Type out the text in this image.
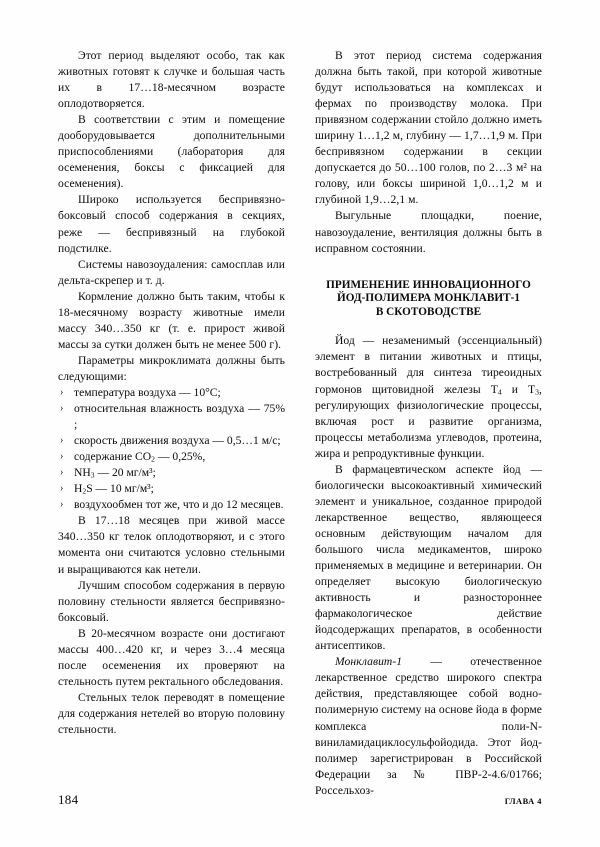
Этот период выделяют особо, так как животных готовят к случке и большая часть их в 17…18-месячном возрасте оплодотворяется.

В соответствии с этим и помещение дооборудовывается дополнительными приспособлениями (лаборатория для осеменения, боксы с фиксацией для осеменения).

Широко используется беспривязно-боксовый способ содержания в секциях, реже — беспривязный на глубокой подстилке.

Системы навозоудаления: самосплав или дельта-скрепер и т. д.

Кормление должно быть таким, чтобы к 18-месячному возрасту животные имели массу 340…350 кг (т. е. прирост живой массы за сутки должен быть не менее 500 г).

Параметры микроклимата должны быть следующими:

› температура воздуха — 10°C;
› относительная влажность воздуха — 75% ;
› скорость движения воздуха — 0,5…1 м/с;
› содержание $CO_2$ — 0,25%,
› $NH_3$ — 20 мг/м³;
› $H_2S$ — 10 мг/м³;
› воздухообмен тот же, что и до 12 месяцев.

В 17…18 месяцев при живой массе 340…350 кг телок оплодотворяют, и с этого момента они считаются условно стельными и выращиваются как нетели.

Лучшим способом содержания в первую половину стельности является беспривязно-боксовый.

В 20-месячном возрасте они достигают массы 400…420 кг, и через 3…4 месяца после осеменения их проверяют на стельность путем ректального обследования.

Стельных телок переводят в помещение для содержания нетелей во вторую половину стельности.

В этот период система содержания должна быть такой, при которой животные будут использоваться на комплексах и фермах по производству молока. При привязном содержании стойло должно иметь ширину 1…1,2 м, глубину — 1,7…1,9 м. При беспривязном содержании в секции допускается до 50…100 голов, по 2…3 м² на голову, или боксы шириной 1,0…1,2 м и глубиной 1,9…2,1 м.

Выгульные площадки, поение, навозоудаление, вентиляция должны быть в исправном состоянии.

ПРИМЕНЕНИЕ ИННОВАЦИОННОГО
ЙОД-ПОЛИМЕРА МОНКЛАВИТ-1
В СКОТОВОДСТВЕ

Йод — незаменимый (эссенциальный) элемент в питании животных и птицы, востребованный для синтеза тиреоидных гормонов щитовидной железы $T_4$ и $T_3$, регулирующих физиологические процессы, включая рост и развитие организма, процессы метаболизма углеводов, протеина, жира и репродуктивные функции.

В фармацевтическом аспекте йод — биологически высокоактивный химический элемент и уникальное, созданное природой лекарственное вещество, являющееся основным действующим началом для большого числа медикаментов, широко применяемых в медицине и ветеринарии. Он определяет высокую биологическую активность и разностороннее фармакологическое действие йодсодержащих препаратов, в особенности антисептиков.

Монклавит-1 — отечественное лекарственное средство широкого спектра действия, представляющее собой водно-полимерную систему на основе йода в форме комплекса поли-N-виниламидациклосульфойодида. Этот йод-полимер зарегистрирован в Российской Федерации за № ПВР-2-4.6/01766; Россельхоз-

184	ГЛАВА 4
